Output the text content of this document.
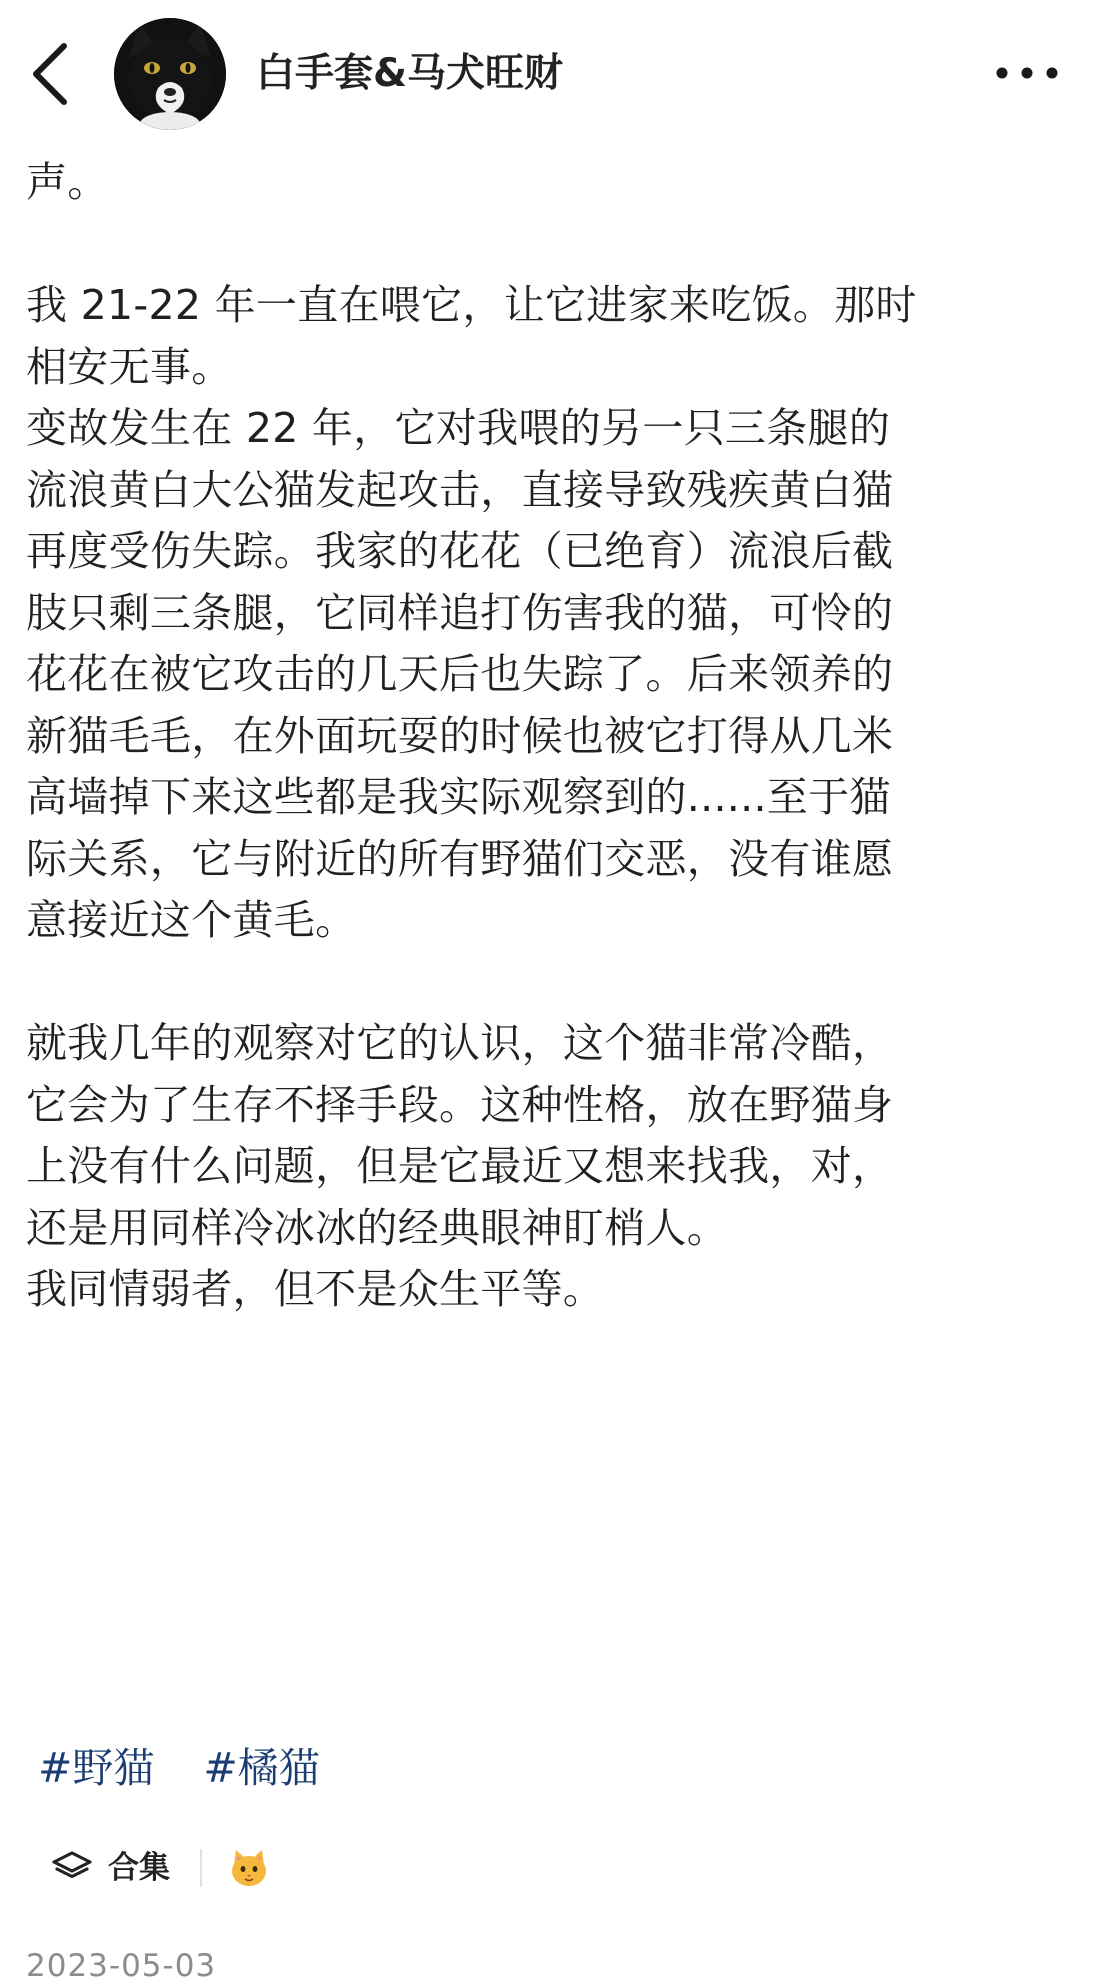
白手套&马犬旺财

声。

我 21-22 年一直在喂它，让它进家来吃饭。那时

相安无事。

变故发生在 22 年，它对我喂的另一只三条腿的

流浪黄白大公猫发起攻击，直接导致残疾黄白猫

再度受伤失踪。我家的花花（已绝育）流浪后截

肢只剩三条腿，它同样追打伤害我的猫，可怜的

花花在被它攻击的几天后也失踪了。后来领养的

新猫毛毛，在外面玩耍的时候也被它打得从几米

高墙掉下来这些都是我实际观察到的......至于猫

际关系，它与附近的所有野猫们交恶，没有谁愿

意接近这个黄毛。

就我几年的观察对它的认识，这个猫非常冷酷，

它会为了生存不择手段。这种性格，放在野猫身

上没有什么问题，但是它最近又想来找我，对，

还是用同样冷冰冰的经典眼神盯梢人。

我同情弱者，但不是众生平等。

#野猫 #橘猫
合集
2023-05-03
